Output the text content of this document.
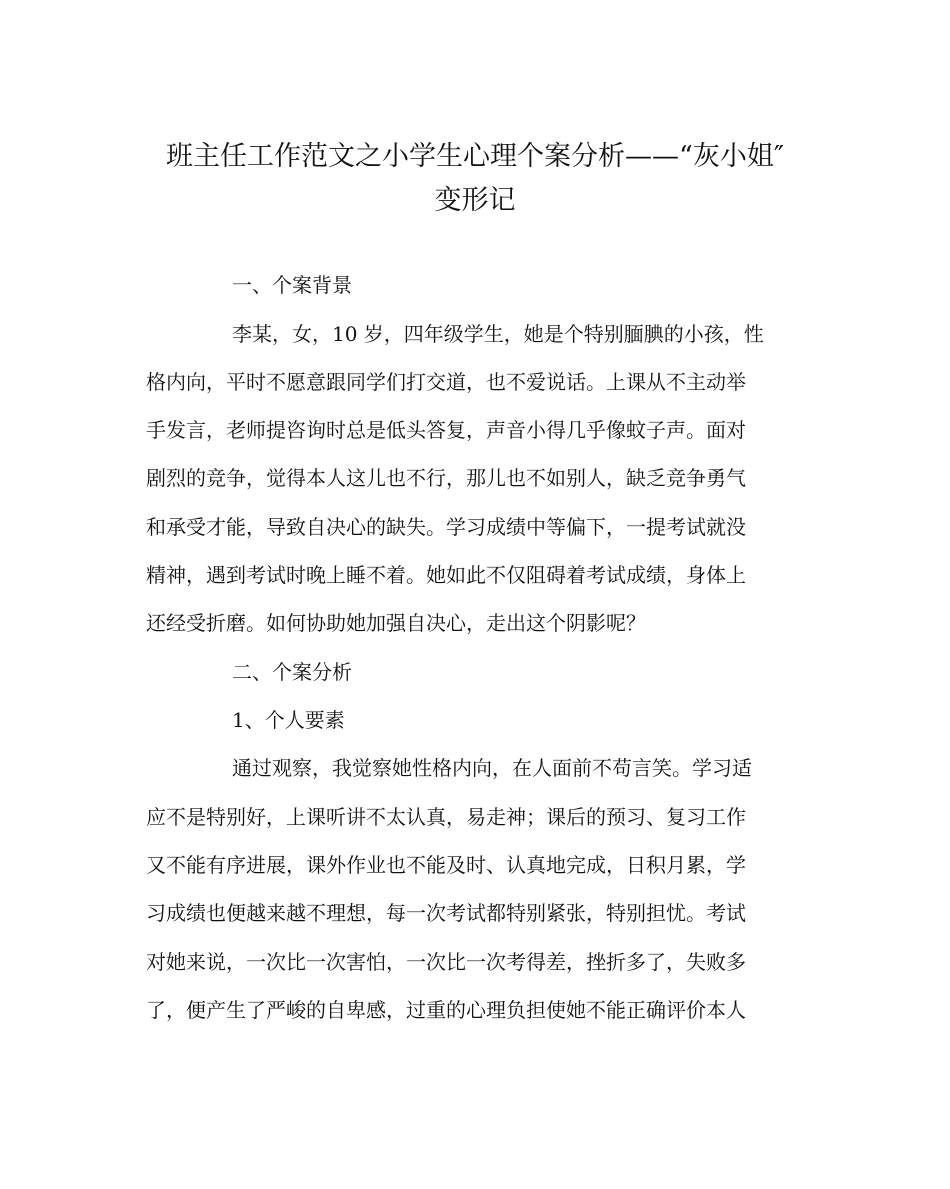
班主任工作范文之小学生心理个案分析——“灰小姐″
变形记
一、个案背景
李某，女，10 岁，四年级学生，她是个特别腼腆的小孩，性
格内向，平时不愿意跟同学们打交道，也不爱说话。上课从不主动举
手发言，老师提咨询时总是低头答复，声音小得几乎像蚊子声。面对
剧烈的竞争，觉得本人这儿也不行，那儿也不如别人，缺乏竞争勇气
和承受才能，导致自决心的缺失。学习成绩中等偏下，一提考试就没
精神，遇到考试时晚上睡不着。她如此不仅阻碍着考试成绩，身体上
还经受折磨。如何协助她加强自决心，走出这个阴影呢？
二、个案分析
1、个人要素
通过观察，我觉察她性格内向，在人面前不苟言笑。学习适
应不是特别好，上课听讲不太认真，易走神；课后的预习、复习工作
又不能有序进展，课外作业也不能及时、认真地完成，日积月累，学
习成绩也便越来越不理想，每一次考试都特别紧张，特别担忧。考试
对她来说，一次比一次害怕，一次比一次考得差，挫折多了，失败多
了，便产生了严峻的自卑感，过重的心理负担使她不能正确评价本人
